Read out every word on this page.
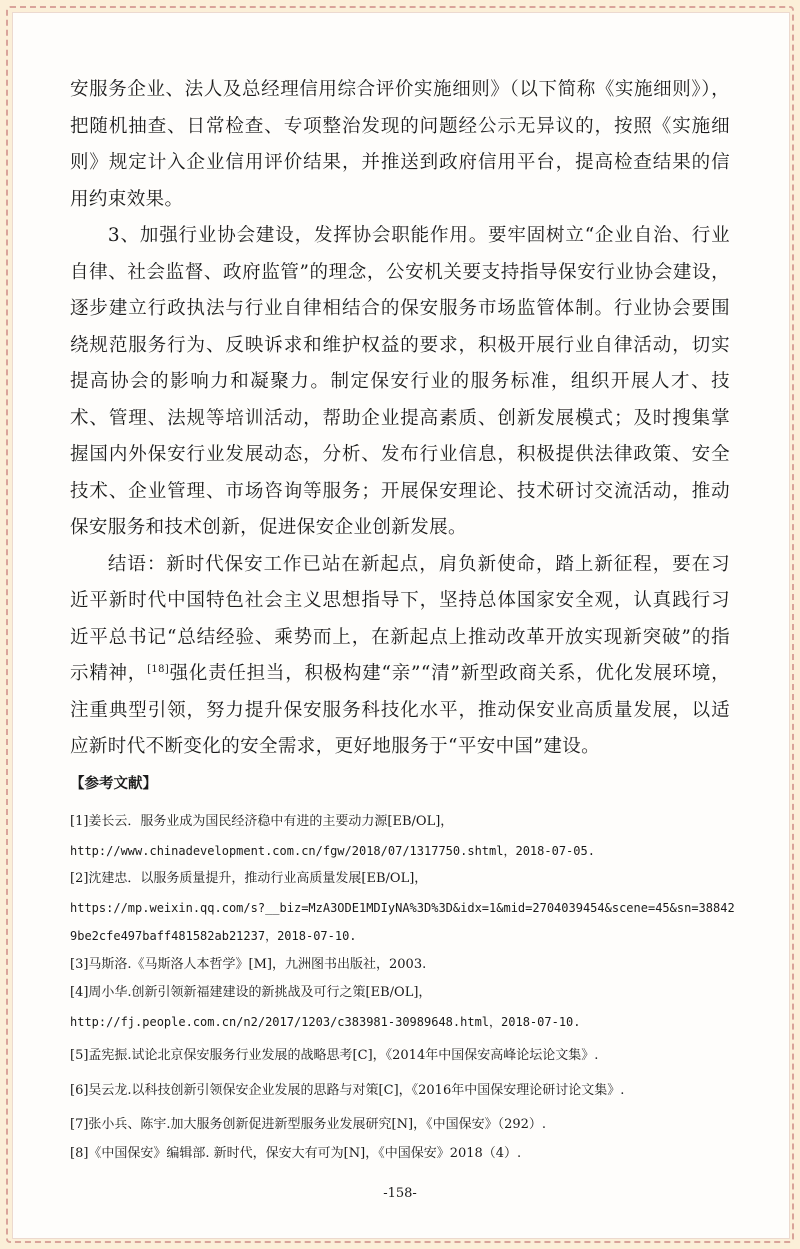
安服务企业、法人及总经理信用综合评价实施细则》（以下简称《实施细则》），把随机抽查、日常检查、专项整治发现的问题经公示无异议的，按照《实施细则》规定计入企业信用评价结果，并推送到政府信用平台，提高检查结果的信用约束效果。

3、加强行业协会建设，发挥协会职能作用。要牢固树立“企业自治、行业自律、社会监督、政府监管”的理念，公安机关要支持指导保安行业协会建设，逐步建立行政执法与行业自律相结合的保安服务市场监管体制。行业协会要围绕规范服务行为、反映诉求和维护权益的要求，积极开展行业自律活动，切实提高协会的影响力和凝聚力。制定保安行业的服务标准，组织开展人才、技术、管理、法规等培训活动，帮助企业提高素质、创新发展模式；及时搜集掌握国内外保安行业发展动态，分析、发布行业信息，积极提供法律政策、安全技术、企业管理、市场咨询等服务；开展保安理论、技术研讨交流活动，推动保安服务和技术创新，促进保安企业创新发展。

结语：新时代保安工作已站在新起点，肩负新使命，踏上新征程，要在习近平新时代中国特色社会主义思想指导下，坚持总体国家安全观，认真践行习近平总书记“总结经验、乘势而上，在新起点上推动改革开放实现新突破”的指示精神，[18]强化责任担当，积极构建“亲”“清”新型政商关系，优化发展环境，注重典型引领，努力提升保安服务科技化水平，推动保安业高质量发展，以适应新时代不断变化的安全需求，更好地服务于“平安中国”建设。

【参考文献】
[1]姜长云．服务业成为国民经济稳中有进的主要动力源[EB/OL]，
http://www.chinadevelopment.com.cn/fgw/2018/07/1317750.shtml，2018-07-05.
[2]沈建忠．以服务质量提升，推动行业高质量发展[EB/OL]，
https://mp.weixin.qq.com/s?__biz=MzA3ODE1MDIyNA%3D%3D&idx=1&mid=2704039454&scene=45&sn=38842
9be2cfe497baff481582ab21237，2018-07-10.
[3]马斯洛.《马斯洛人本哲学》[M]，九洲图书出版社，2003.
[4]周小华.创新引领新福建建设的新挑战及可行之策[EB/OL]，
http://fj.people.com.cn/n2/2017/1203/c383981-30989648.html，2018-07-10.
[5]孟宪振.试论北京保安服务行业发展的战略思考[C]，《2014年中国保安高峰论坛论文集》.
[6]吴云龙.以科技创新引领保安企业发展的思路与对策[C]，《2016年中国保安理论研讨论文集》.
[7]张小兵、陈宇.加大服务创新促进新型服务业发展研究[N]，《中国保安》（292）.
[8]《中国保安》编辑部. 新时代，保安大有可为[N]，《中国保安》2018（4）.
-158-
